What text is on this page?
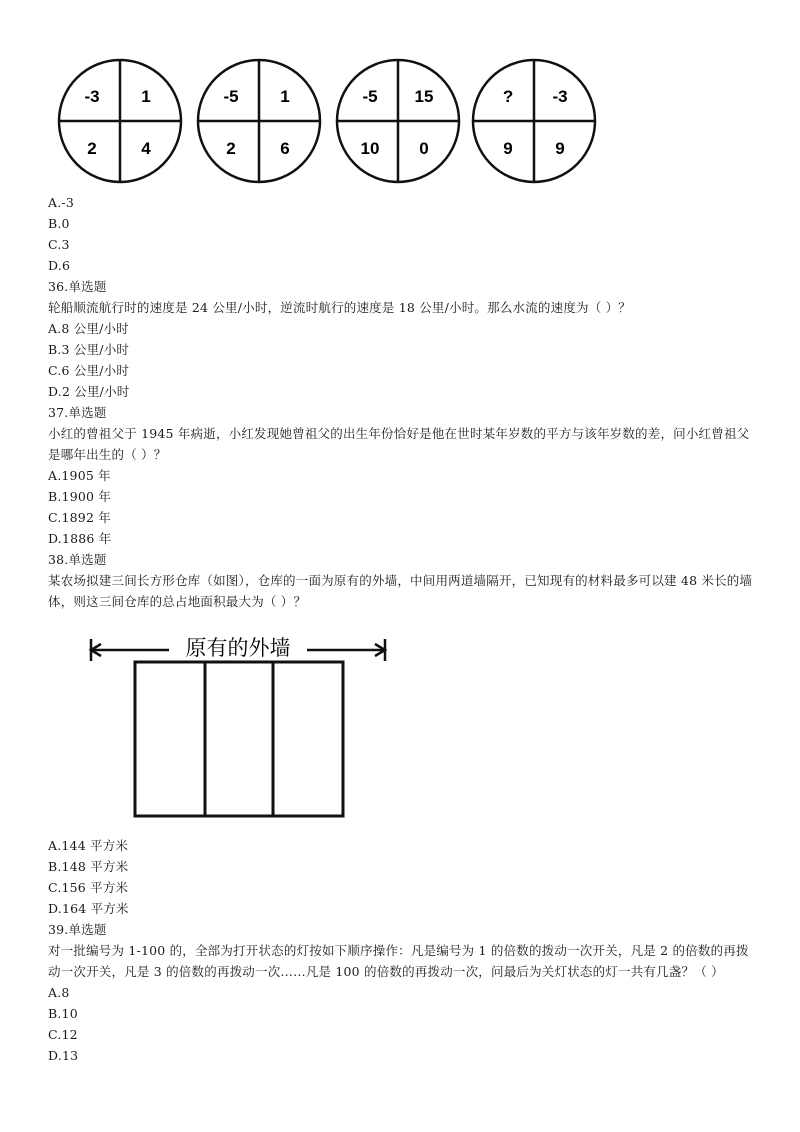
-3 1
2	4
-5 1
2	6
-5 15
10 0
? -3
9	9
A.-3
B.0
C.3
D.6
36.单选题
轮船顺流航行时的速度是 24 公里/小时，逆流时航行的速度是 18 公里/小时。那么水流的速度为（ ）？
A.8 公里/小时
B.3 公里/小时
C.6 公里/小时
D.2 公里/小时
37.单选题
小红的曾祖父于 1945 年病逝，小红发现她曾祖父的出生年份恰好是他在世时某年岁数的平方与该年岁数的差，问小红曾祖父是哪年出生的（ ）？
A.1905 年
B.1900 年
C.1892 年
D.1886 年
38.单选题
某农场拟建三间长方形仓库（如图），仓库的一面为原有的外墙，中间用两道墙隔开，已知现有的材料最多可以建 48 米长的墙体，则这三间仓库的总占地面积最大为（ ）？
A.144 平方米
B.148 平方米
C.156 平方米
D.164 平方米
39.单选题
对一批编号为 1-100 的，全部为打开状态的灯按如下顺序操作：凡是编号为 1 的倍数的拨动一次开关，凡是 2 的倍数的再拨动一次开关，凡是 3 的倍数的再拨动一次……凡是 100 的倍数的再拨动一次，问最后为关灯状态的灯一共有几盏？（ ）
A.8
B.10
C.12
D.13
原有的外墙
